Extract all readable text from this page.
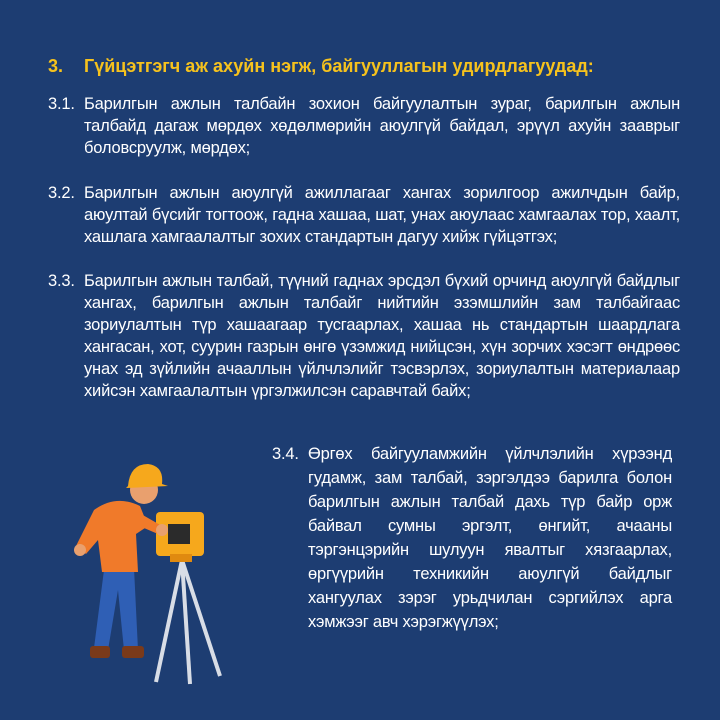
3. Гүйцэтгэгч аж ахуйн нэгж, байгууллагын удирдлагуудад:
3.1. Барилгын ажлын талбайн зохион байгуулалтын зураг, барилгын ажлын талбайд дагаж мөрдөх хөдөлмөрийн аюулгүй байдал, эрүүл ахуйн зааврыг боловсруулж, мөрдөх;
3.2. Барилгын ажлын аюулгүй ажиллагааг хангах зорилгоор ажилчдын байр, аюултай бүсийг тогтоож, гадна хашаа, шат, унах аюулаас хамгаалах тор, хаалт, хашлага хамгаалалтыг зохих стандартын дагуу хийж гүйцэтгэх;
3.3. Барилгын ажлын талбай, түүний гаднах эрсдэл бүхий орчинд аюулгүй байдлыг хангах, барилгын ажлын талбайг нийтийн эзэмшлийн зам талбайгаас зориулалтын түр хашаагаар тусгаарлах, хашаа нь стандартын шаардлага хангасан, хот, суурин газрын өнгө үзэмжид нийцсэн, хүн зорчих хэсэгт өндрөөс унах эд зүйлийн ачааллын үйлчлэлийг тэсвэрлэх, зориулалтын материалаар хийсэн хамгаалалтын үргэлжилсэн саравчтай байх;
3.4. Өргөх байгууламжийн үйлчлэлийн хүрээнд гудамж, зам талбай, зэргэлдээ барилга болон барилгын ажлын талбай дахь түр байр орж байвал сумны эргэлт, өнгийт, ачааны тэргэнцэрийн шулуун явалтыг хязгаарлах, өргүүрийн техникийн аюулгүй байдлыг хангуулах зэрэг урьдчилан сэргийлэх арга хэмжээг авч хэрэгжүүлэх;
